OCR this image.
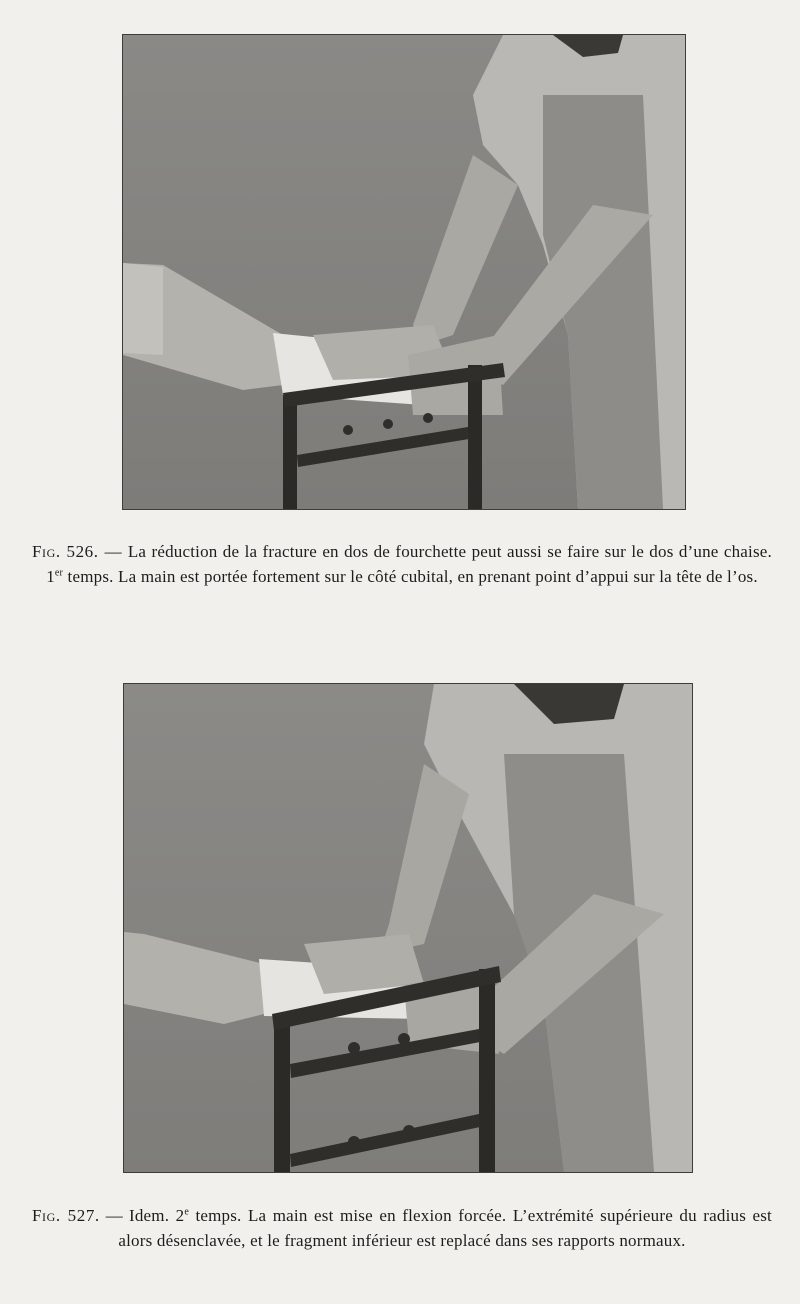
Fig. 526. — La réduction de la fracture en dos de fourchette peut aussi se faire sur le dos d’une chaise. 1er temps. La main est portée fortement sur le côté cubital, en prenant point d’appui sur la tête de l’os.
Fig. 527. — Idem. 2e temps. La main est mise en flexion forcée. L’extrémité supérieure du radius est alors désenclavée, et le fragment inférieur est replacé dans ses rapports normaux.
